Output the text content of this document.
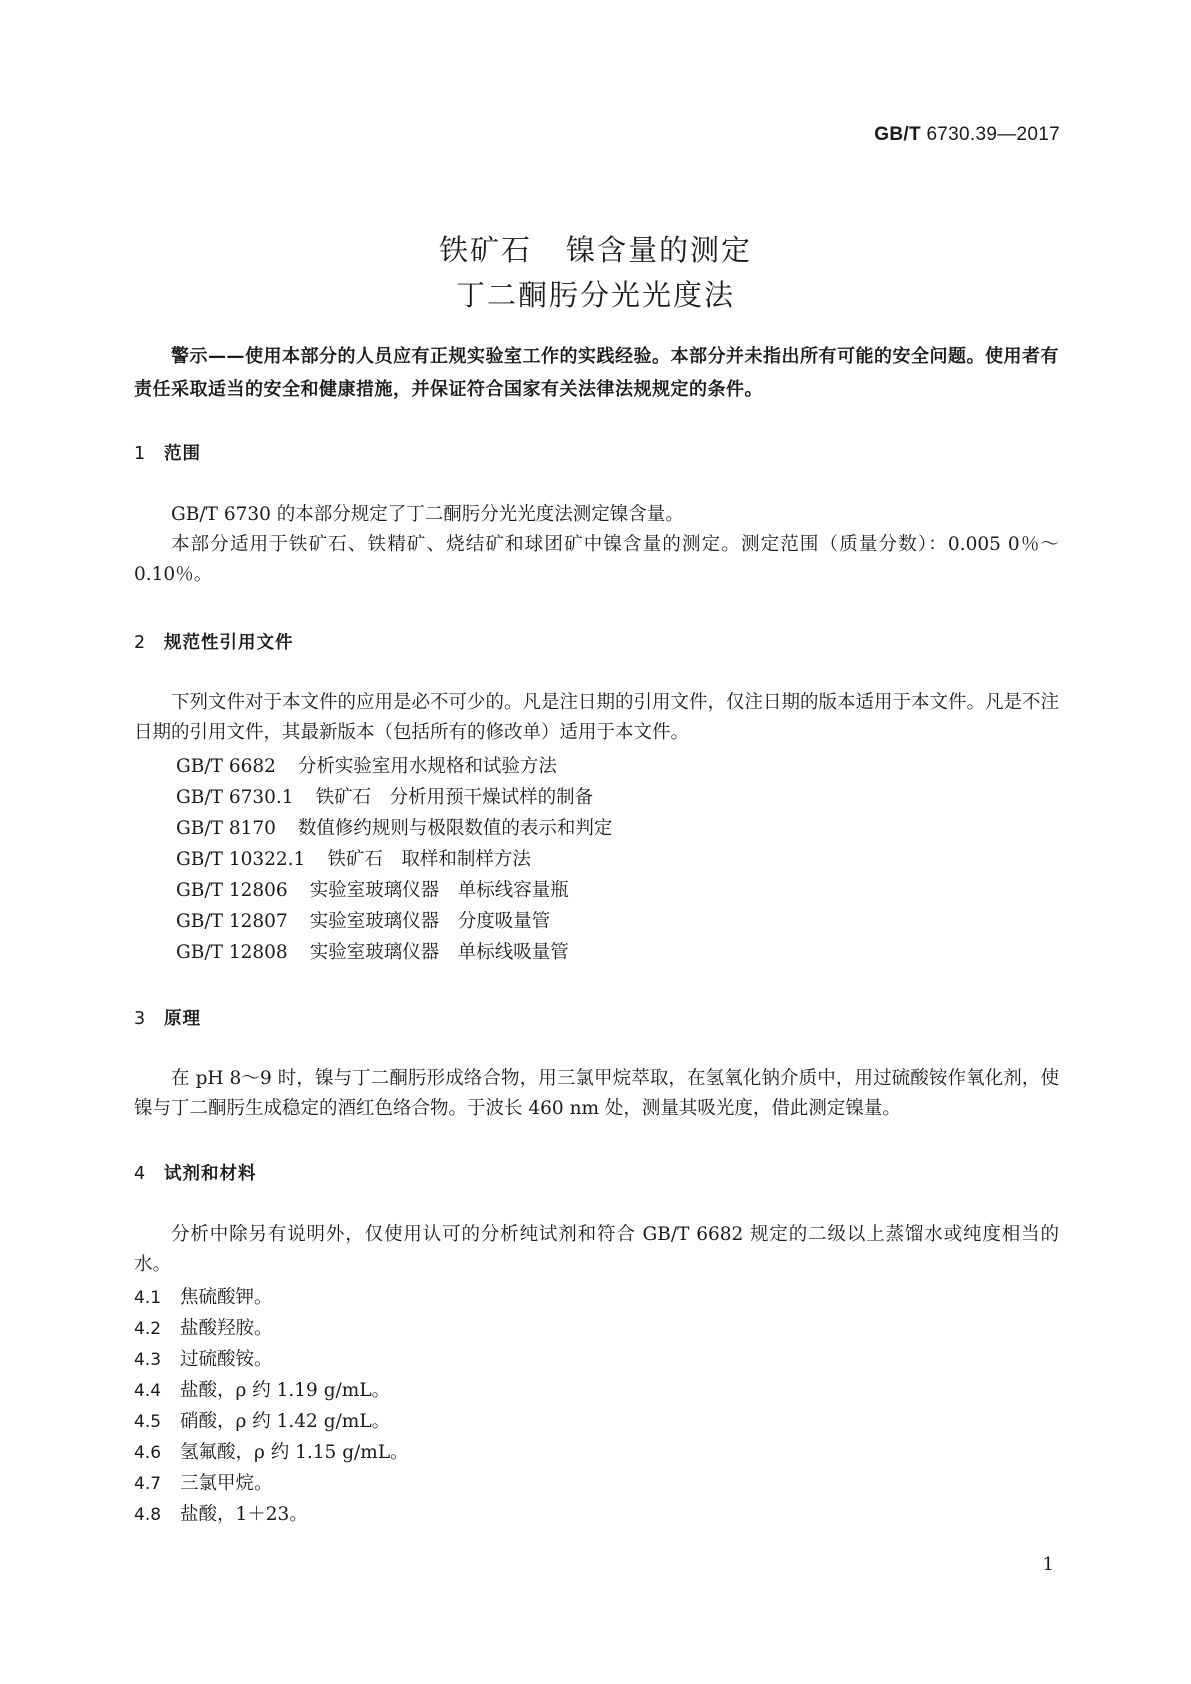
GB/T 6730.39—2017
铁矿石 镍含量的测定
丁二酮肟分光光度法
警示——使用本部分的人员应有正规实验室工作的实践经验。本部分并未指出所有可能的安全问题。使用者有责任采取适当的安全和健康措施，并保证符合国家有关法律法规规定的条件。
1 范围
GB/T 6730 的本部分规定了丁二酮肟分光光度法测定镍含量。
本部分适用于铁矿石、铁精矿、烧结矿和球团矿中镍含量的测定。测定范围（质量分数）：0.005 0％～0.10％。
2 规范性引用文件
下列文件对于本文件的应用是必不可少的。凡是注日期的引用文件，仅注日期的版本适用于本文件。凡是不注日期的引用文件，其最新版本（包括所有的修改单）适用于本文件。
GB/T 6682 分析实验室用水规格和试验方法
GB/T 6730.1 铁矿石　分析用预干燥试样的制备
GB/T 8170 数值修约规则与极限数值的表示和判定
GB/T 10322.1 铁矿石　取样和制样方法
GB/T 12806 实验室玻璃仪器　单标线容量瓶
GB/T 12807 实验室玻璃仪器　分度吸量管
GB/T 12808 实验室玻璃仪器　单标线吸量管
3 原理
在 pH 8～9 时，镍与丁二酮肟形成络合物，用三氯甲烷萃取，在氢氧化钠介质中，用过硫酸铵作氧化剂，使镍与丁二酮肟生成稳定的酒红色络合物。于波长 460 nm 处，测量其吸光度，借此测定镍量。
4 试剂和材料
分析中除另有说明外，仅使用认可的分析纯试剂和符合 GB/T 6682 规定的二级以上蒸馏水或纯度相当的水。
4.1 焦硫酸钾。
4.2 盐酸羟胺。
4.3 过硫酸铵。
4.4 盐酸，ρ 约 1.19 g/mL。
4.5 硝酸，ρ 约 1.42 g/mL。
4.6 氢氟酸，ρ 约 1.15 g/mL。
4.7 三氯甲烷。
4.8 盐酸，1＋23。
1
